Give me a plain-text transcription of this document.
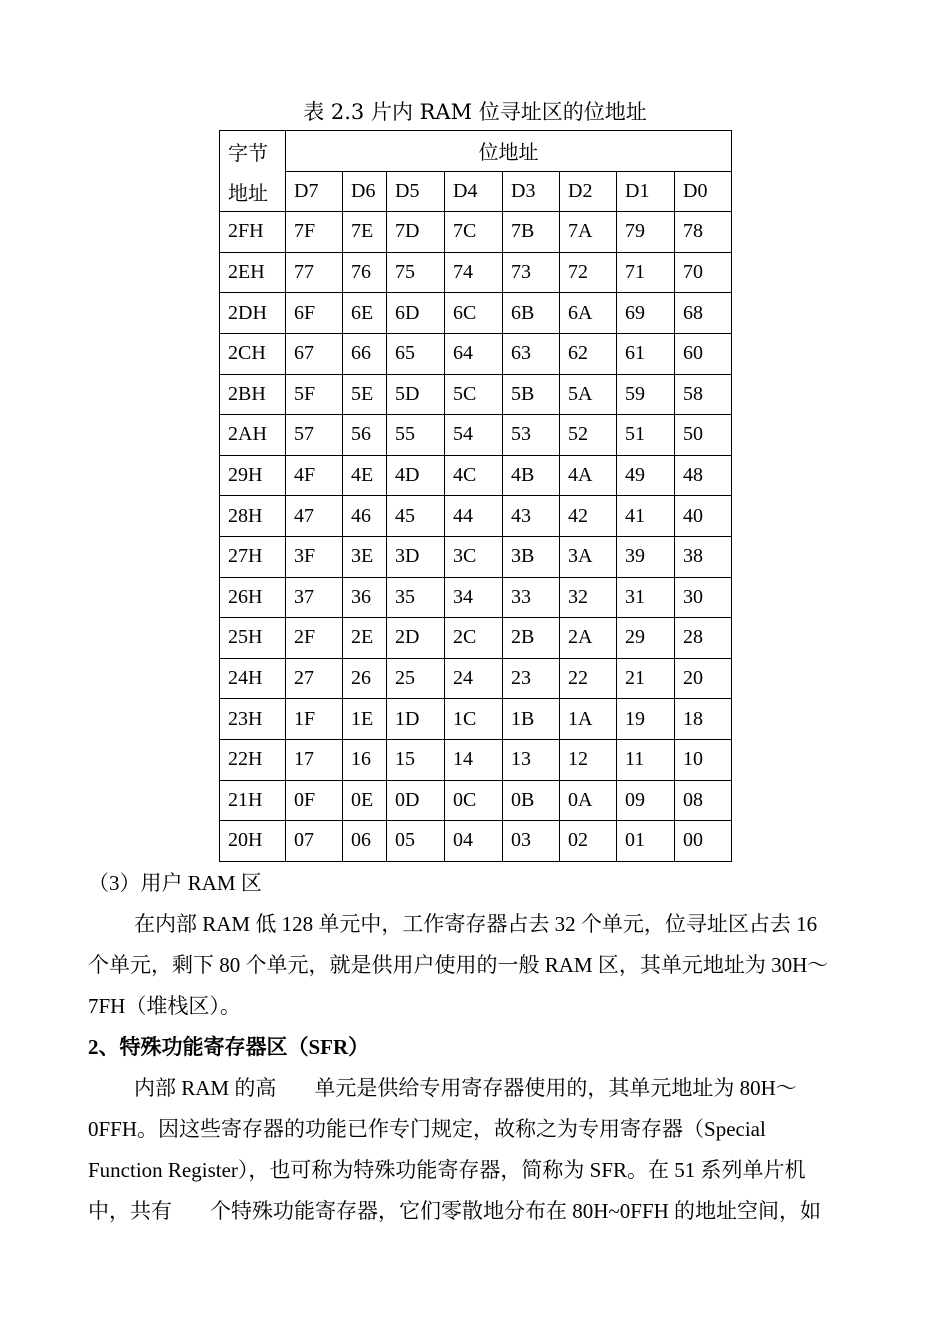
表 2.3 片内 RAM 位寻址区的位地址
字节	位地址							
地址	D7	D6	D5	D4	D3	D2	D1	D0
2FH	7F	7E	7D	7C	7B	7A	79	78
2EH	77	76	75	74	73	72	71	70
2DH	6F	6E	6D	6C	6B	6A	69	68
2CH	67	66	65	64	63	62	61	60
2BH	5F	5E	5D	5C	5B	5A	59	58
2AH	57	56	55	54	53	52	51	50
29H	4F	4E	4D	4C	4B	4A	49	48
28H	47	46	45	44	43	42	41	40
27H	3F	3E	3D	3C	3B	3A	39	38
26H	37	36	35	34	33	32	31	30
25H	2F	2E	2D	2C	2B	2A	29	28
24H	27	26	25	24	23	22	21	20
23H	1F	1E	1D	1C	1B	1A	19	18
22H	17	16	15	14	13	12	11	10
21H	0F	0E	0D	0C	0B	0A	09	08
20H	07	06	05	04	03	02	01	00
（3）用户 RAM 区
在内部 RAM 低 128 单元中，工作寄存器占去 32 个单元，位寻址区占去 16
个单元，剩下 80 个单元，就是供用户使用的一般 RAM 区，其单元地址为 30H～
7FH（堆栈区）。
2、特殊功能寄存器区（SFR）
内部 RAM 的高 单元是供给专用寄存器使用的，其单元地址为 80H～
0FFH。因这些寄存器的功能已作专门规定，故称之为专用寄存器（Special
Function Register），也可称为特殊功能寄存器，简称为 SFR。在 51 系列单片机
中，共有 个特殊功能寄存器，它们零散地分布在 80H~0FFH 的地址空间，如
